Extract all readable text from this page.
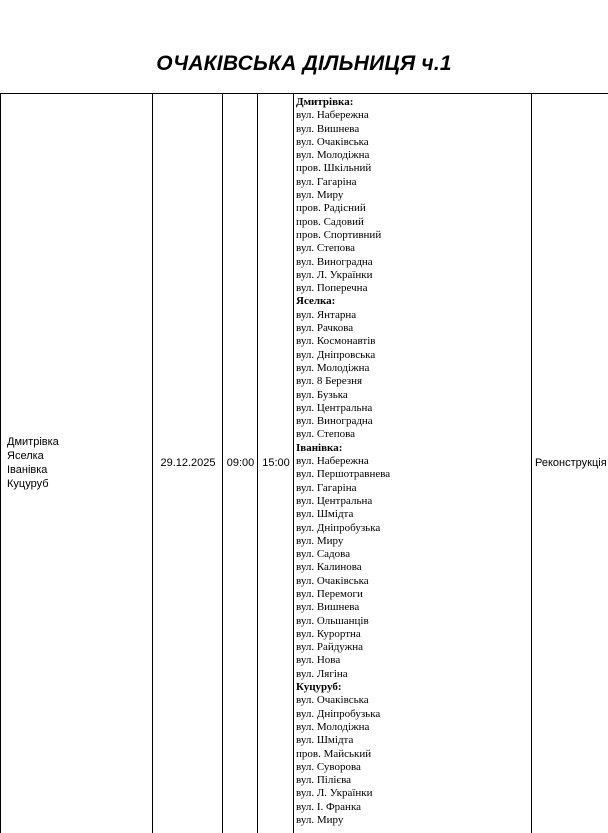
ОЧАКІВСЬКА ДІЛЬНИЦЯ ч.1
Дмитрівка
Яселка
Іванівка
Куцуруб
29.12.2025	09:00 15:00	Реконструкція
Дмитрівка:
вул. Набережна
вул. Вишнева
вул. Очаківська
вул. Молодіжна
пров. Шкільний
вул. Гагаріна
вул. Миру
пров. Радісний
пров. Садовий
пров. Спортивний
вул. Степова
вул. Виноградна
вул. Л. Українки
вул. Поперечна
Яселка:
вул. Янтарна
вул. Рачкова
вул. Космонавтів
вул. Дніпровська
вул. Молодіжна
вул. 8 Березня
вул. Бузька
вул. Центральна
вул. Виноградна
вул. Степова
Іванівка:
вул. Набережна
вул. Першотравнева
вул. Гагаріна
вул. Центральна
вул. Шмідта
вул. Дніпробузька
вул. Миру
вул. Садова
вул. Калинова
вул. Очаківська
вул. Перемоги
вул. Вишнева
вул. Ольшанців
вул. Курортна
вул. Райдужна
вул. Нова
вул. Лягіна
Куцуруб:
вул. Очаківська
вул. Дніпробузька
вул. Молодіжна
вул. Шмідта
пров. Майський
вул. Суворова
вул. Пілієва
вул. Л. Українки
вул. І. Франка
вул. Миру
